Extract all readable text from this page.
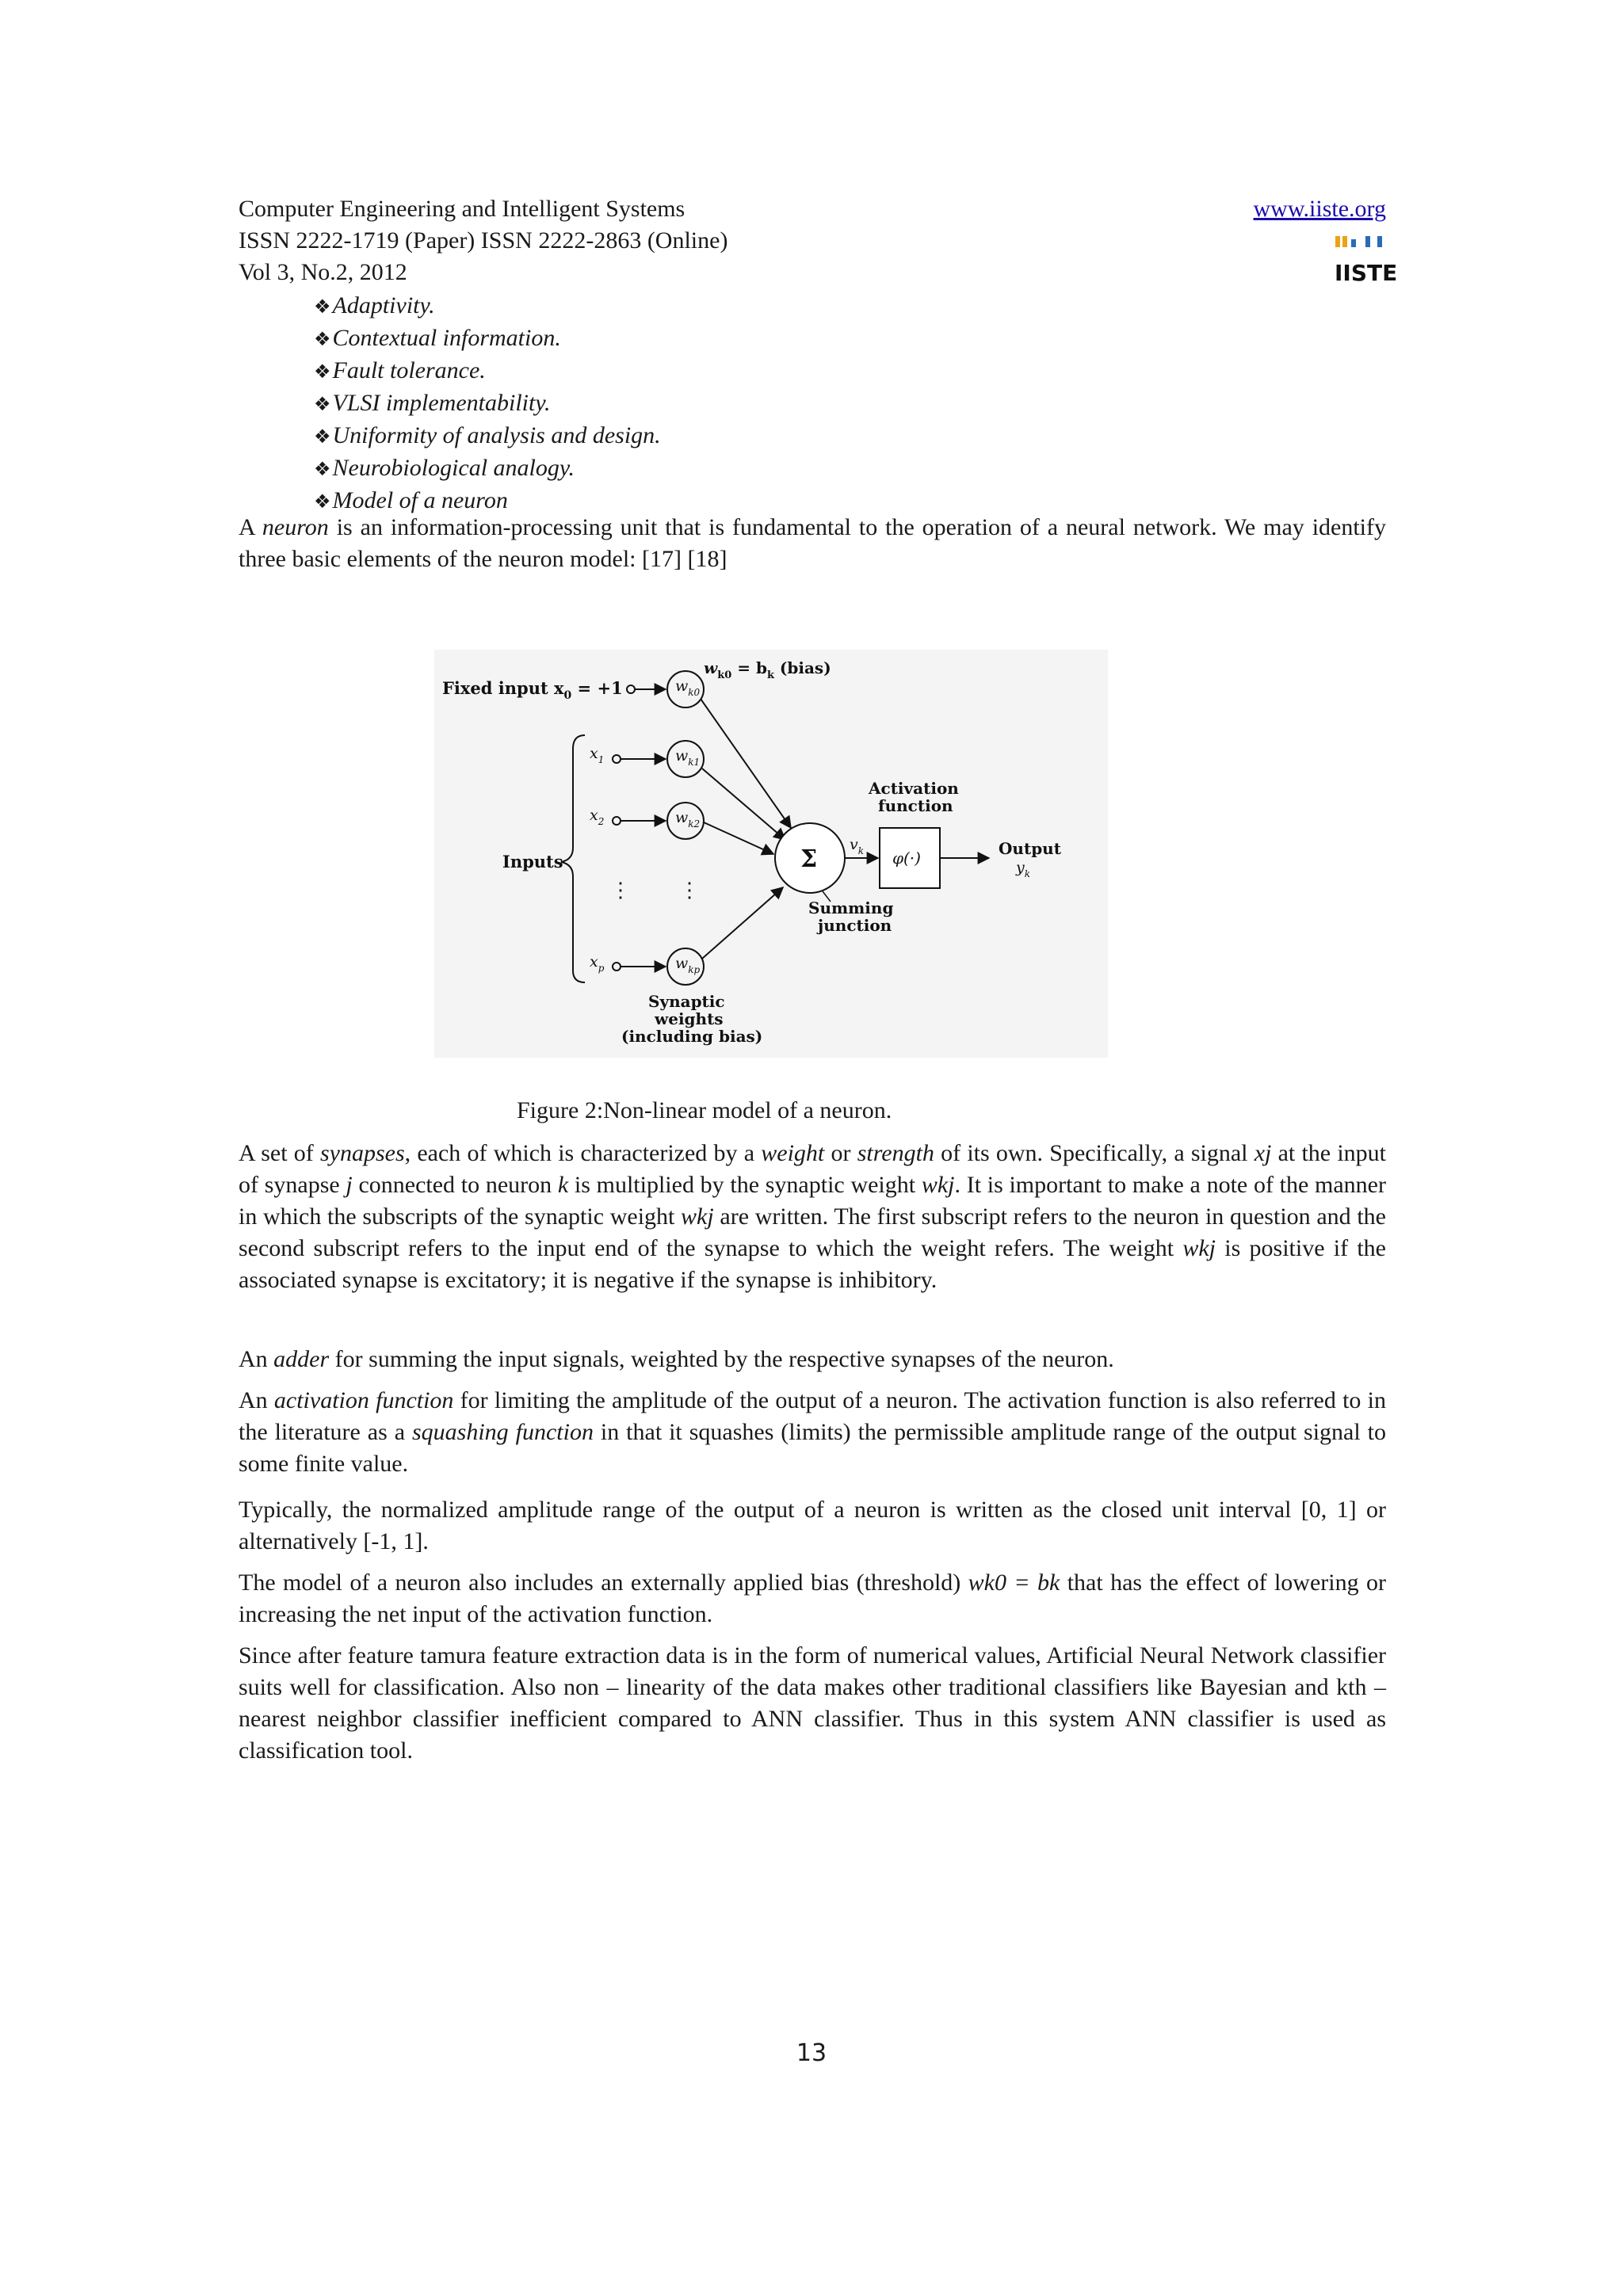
Computer Engineering and Intelligent Systems
ISSN 2222-1719 (Paper) ISSN 2222-2863 (Online)
Vol 3, No.2, 2012
www.iiste.org
IISTE
❖Adaptivity.
❖Contextual information.
❖Fault tolerance.
❖VLSI implementability.
❖Uniformity of analysis and design.
❖Neurobiological analogy.
❖Model of a neuron
A neuron is an information-processing unit that is fundamental to the operation of a neural network. We may identify three basic elements of the neuron model: [17] [18]
Fixed input $x_0 = +1$	$w_{k0}$
$w_{k0} = b_k$ (bias)
Inputs
$x_1$	$w_{k1}$
$x_2$	$w_{k2}$
⋮ ⋮
$x_p$	$w_{kp}$
Σ
Summing
junction
$v_k$ φ(·)
Activation
function
Output
$y_k$
Synaptic
weights
(including bias)
Figure 2:Non-linear model of a neuron.
A set of synapses, each of which is characterized by a weight or strength of its own. Specifically, a signal xj at the input of synapse j connected to neuron k is multiplied by the synaptic weight wkj. It is important to make a note of the manner in which the subscripts of the synaptic weight wkj are written. The first subscript refers to the neuron in question and the second subscript refers to the input end of the synapse to which the weight refers. The weight wkj is positive if the associated synapse is excitatory; it is negative if the synapse is inhibitory.
An adder for summing the input signals, weighted by the respective synapses of the neuron.
An activation function for limiting the amplitude of the output of a neuron. The activation function is also referred to in the literature as a squashing function in that it squashes (limits) the permissible amplitude range of the output signal to some finite value.
Typically, the normalized amplitude range of the output of a neuron is written as the closed unit interval [0, 1] or alternatively [-1, 1].
The model of a neuron also includes an externally applied bias (threshold) wk0 = bk that has the effect of lowering or increasing the net input of the activation function.
Since after feature tamura feature extraction data is in the form of numerical values, Artificial Neural Network classifier suits well for classification. Also non – linearity of the data makes other traditional classifiers like Bayesian and kth – nearest neighbor classifier inefficient compared to ANN classifier. Thus in this system ANN classifier is used as classification tool.
13
